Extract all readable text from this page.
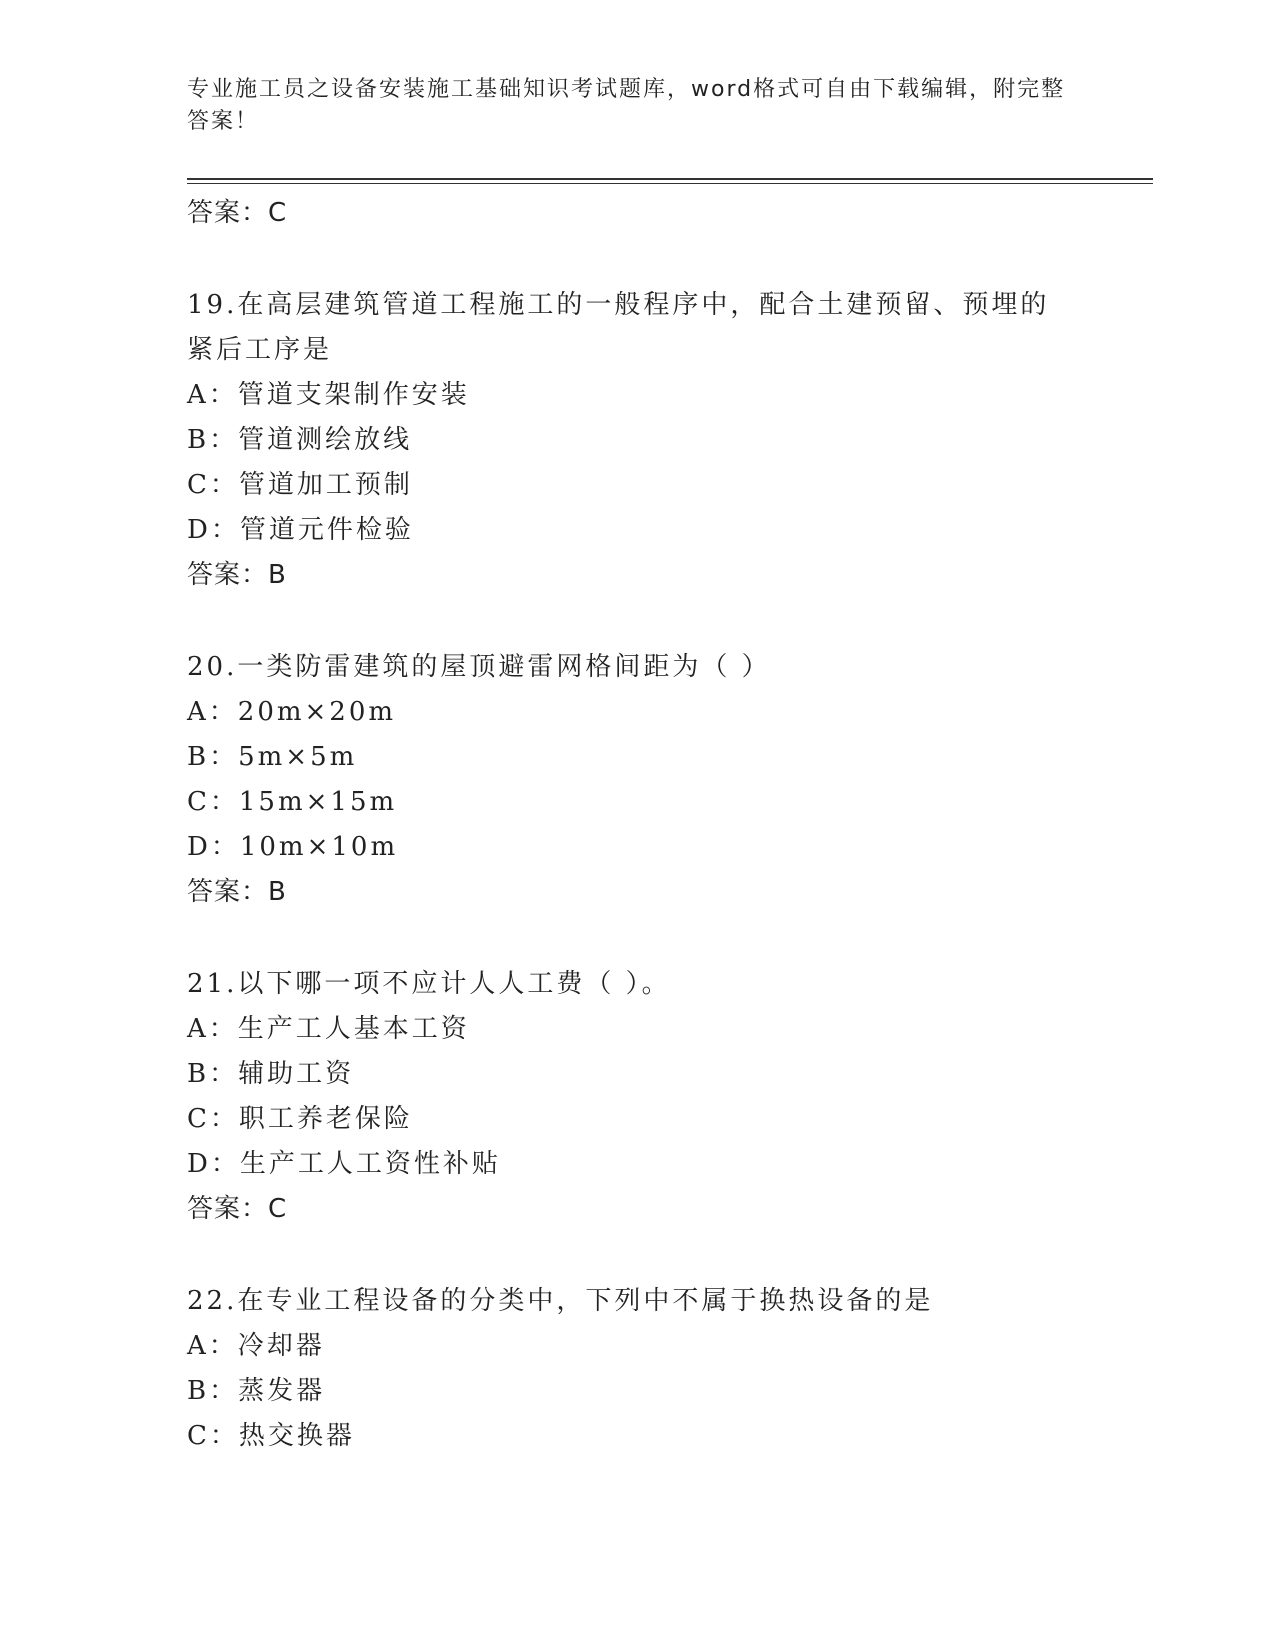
专业施工员之设备安装施工基础知识考试题库，word格式可自由下载编辑，附完整答案！
答案：C
19.在高层建筑管道工程施工的一般程序中，配合土建预留、预埋的紧后工序是
A：管道支架制作安装
B：管道测绘放线
C：管道加工预制
D：管道元件检验
答案：B
20.一类防雷建筑的屋顶避雷网格间距为（ ）
A：20m×20m
B：5m×5m
C：15m×15m
D：10m×10m
答案：B
21.以下哪一项不应计人人工费（ ）。
A：生产工人基本工资
B：辅助工资
C：职工养老保险
D：生产工人工资性补贴
答案：C
22.在专业工程设备的分类中，下列中不属于换热设备的是
A：冷却器
B：蒸发器
C：热交换器
